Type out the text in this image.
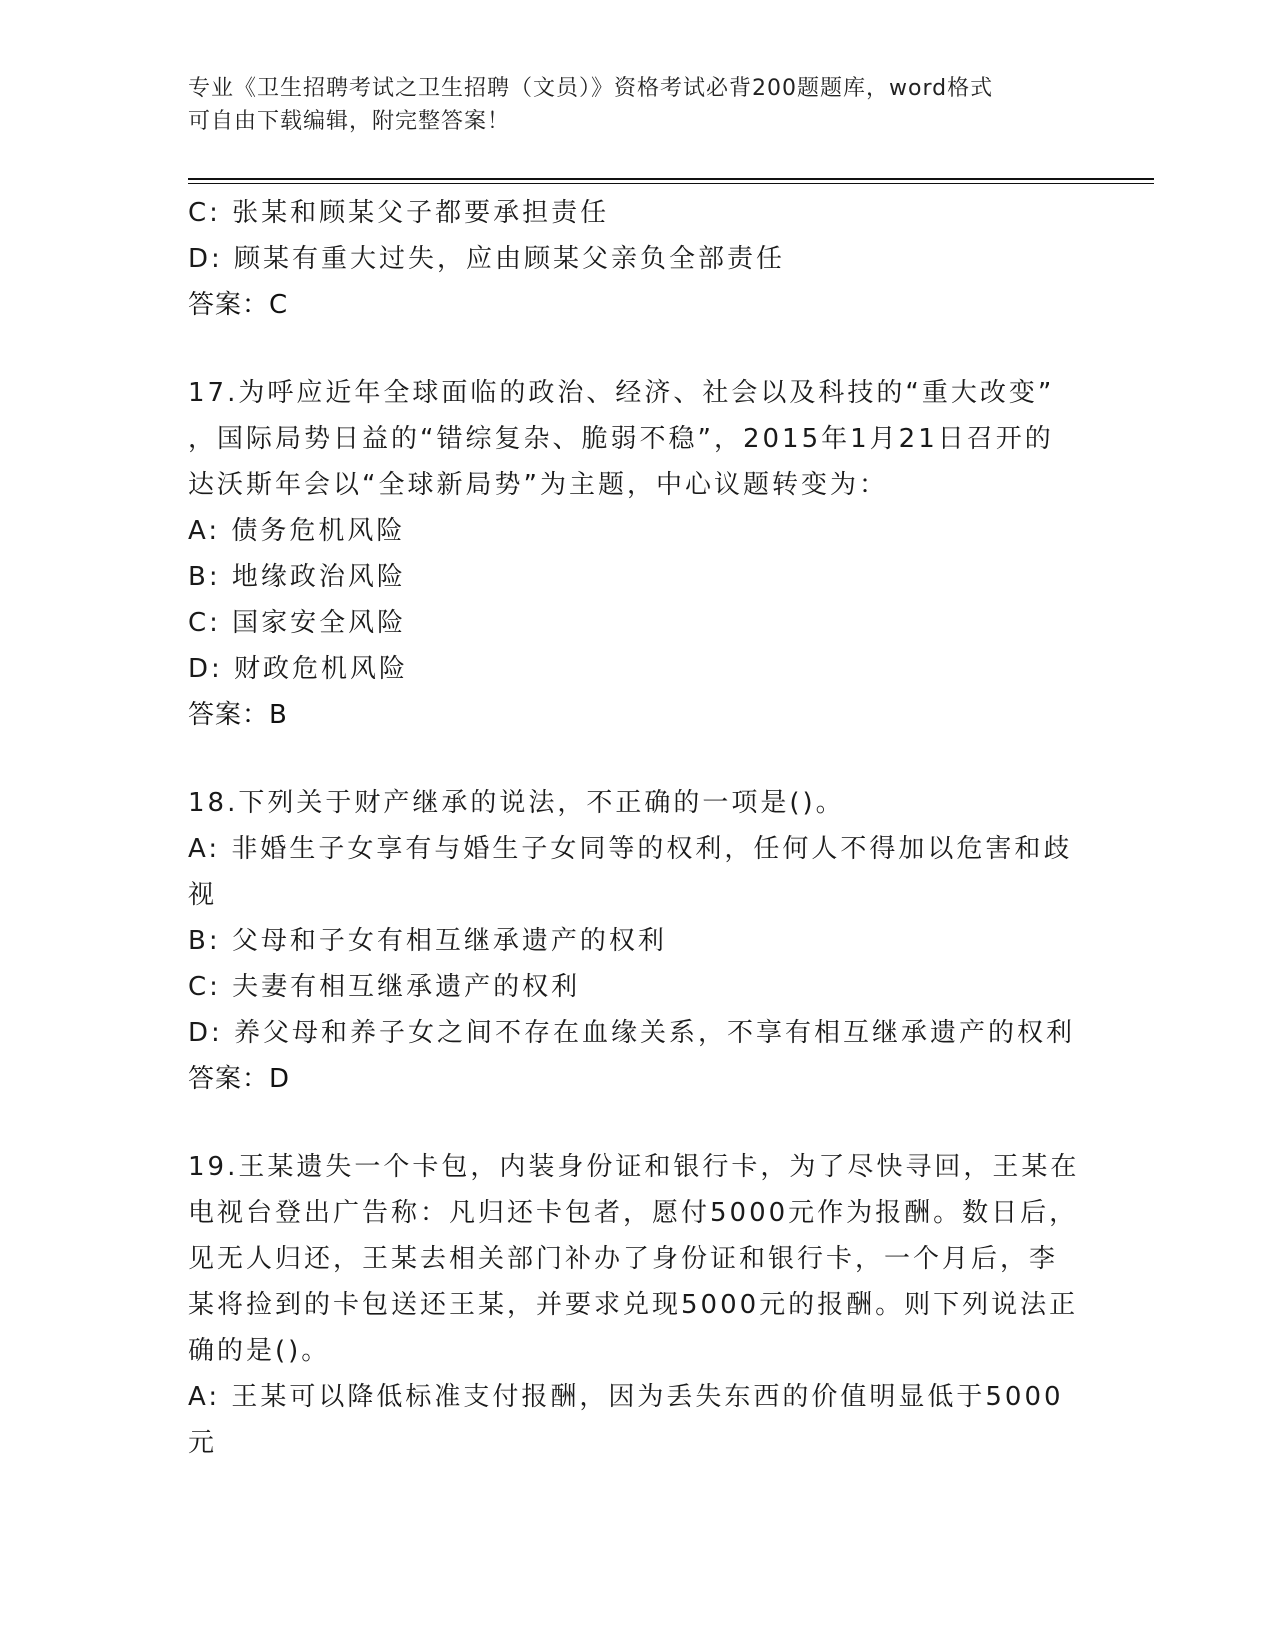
专业《卫生招聘考试之卫生招聘（文员）》资格考试必背200题题库，word格式
可自由下载编辑，附完整答案！
C: 张某和顾某父子都要承担责任
D: 顾某有重大过失，应由顾某父亲负全部责任
答案：C
17.为呼应近年全球面临的政治、经济、社会以及科技的“重大改变”
，国际局势日益的“错综复杂、脆弱不稳”，2015年1月21日召开的
达沃斯年会以“全球新局势”为主题，中心议题转变为：
A: 债务危机风险
B: 地缘政治风险
C: 国家安全风险
D: 财政危机风险
答案：B
18.下列关于财产继承的说法，不正确的一项是()。
A: 非婚生子女享有与婚生子女同等的权利，任何人不得加以危害和歧
视
B: 父母和子女有相互继承遗产的权利
C: 夫妻有相互继承遗产的权利
D: 养父母和养子女之间不存在血缘关系，不享有相互继承遗产的权利
答案：D
19.王某遗失一个卡包，内装身份证和银行卡，为了尽快寻回，王某在
电视台登出广告称：凡归还卡包者，愿付5000元作为报酬。数日后，
见无人归还，王某去相关部门补办了身份证和银行卡，一个月后，李
某将捡到的卡包送还王某，并要求兑现5000元的报酬。则下列说法正
确的是()。
A: 王某可以降低标准支付报酬，因为丢失东西的价值明显低于5000
元
